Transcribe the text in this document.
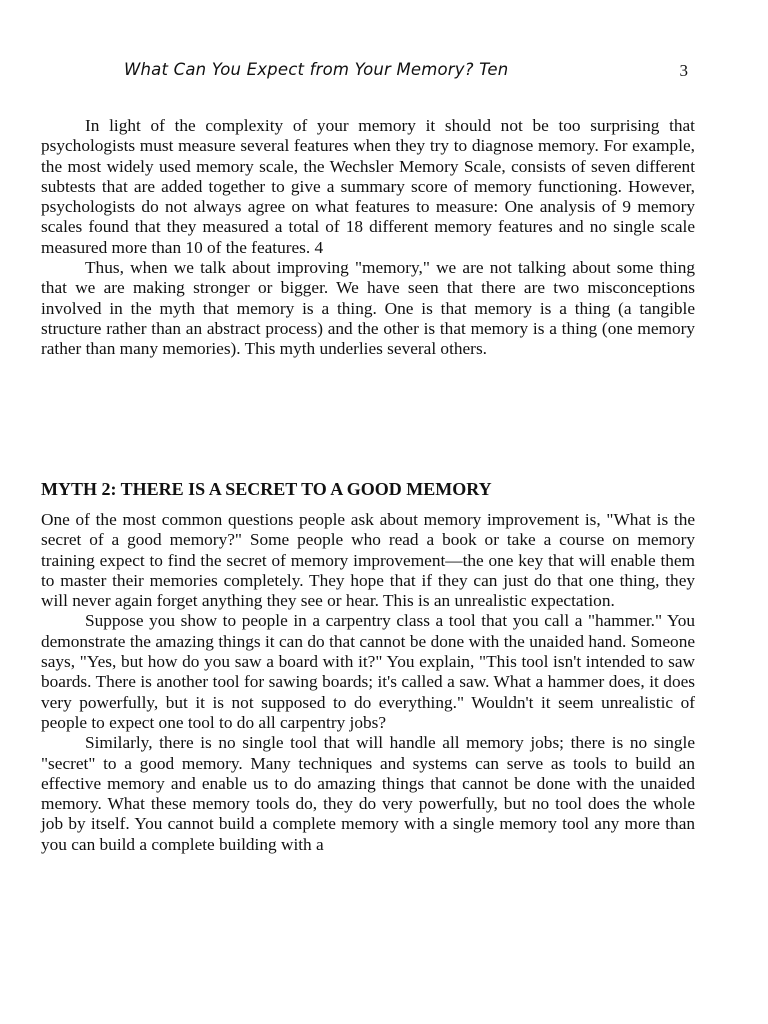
What Can You Expect from Your Memory? Ten	3

In light of the complexity of your memory it should not be too surprising that psychologists must measure several features when they try to diagnose memory. For example, the most widely used memory scale, the Wechsler Memory Scale, consists of seven different subtests that are added together to give a summary score of memory functioning. However, psychologists do not always agree on what features to measure: One analysis of 9 memory scales found that they measured a total of 18 different memory features and no single scale measured more than 10 of the features. 4

Thus, when we talk about improving "memory," we are not talking about some thing that we are making stronger or bigger. We have seen that there are two misconceptions involved in the myth that memory is a thing. One is that memory is a thing (a tangible structure rather than an abstract process) and the other is that memory is a thing (one memory rather than many memories). This myth underlies several others.

MYTH 2: THERE IS A SECRET TO A GOOD MEMORY

One of the most common questions people ask about memory improvement is, "What is the secret of a good memory?" Some people who read a book or take a course on memory training expect to find the secret of memory improvement—the one key that will enable them to master their memories completely. They hope that if they can just do that one thing, they will never again forget anything they see or hear. This is an unrealistic expectation.

Suppose you show to people in a carpentry class a tool that you call a "hammer." You demonstrate the amazing things it can do that cannot be done with the unaided hand. Someone says, "Yes, but how do you saw a board with it?" You explain, "This tool isn't intended to saw boards. There is another tool for sawing boards; it's called a saw. What a hammer does, it does very powerfully, but it is not supposed to do everything." Wouldn't it seem unrealistic of people to expect one tool to do all carpentry jobs?

Similarly, there is no single tool that will handle all memory jobs; there is no single "secret" to a good memory. Many techniques and systems can serve as tools to build an effective memory and enable us to do amazing things that cannot be done with the unaided memory. What these memory tools do, they do very powerfully, but no tool does the whole job by itself. You cannot build a complete memory with a single memory tool any more than you can build a complete building with a
